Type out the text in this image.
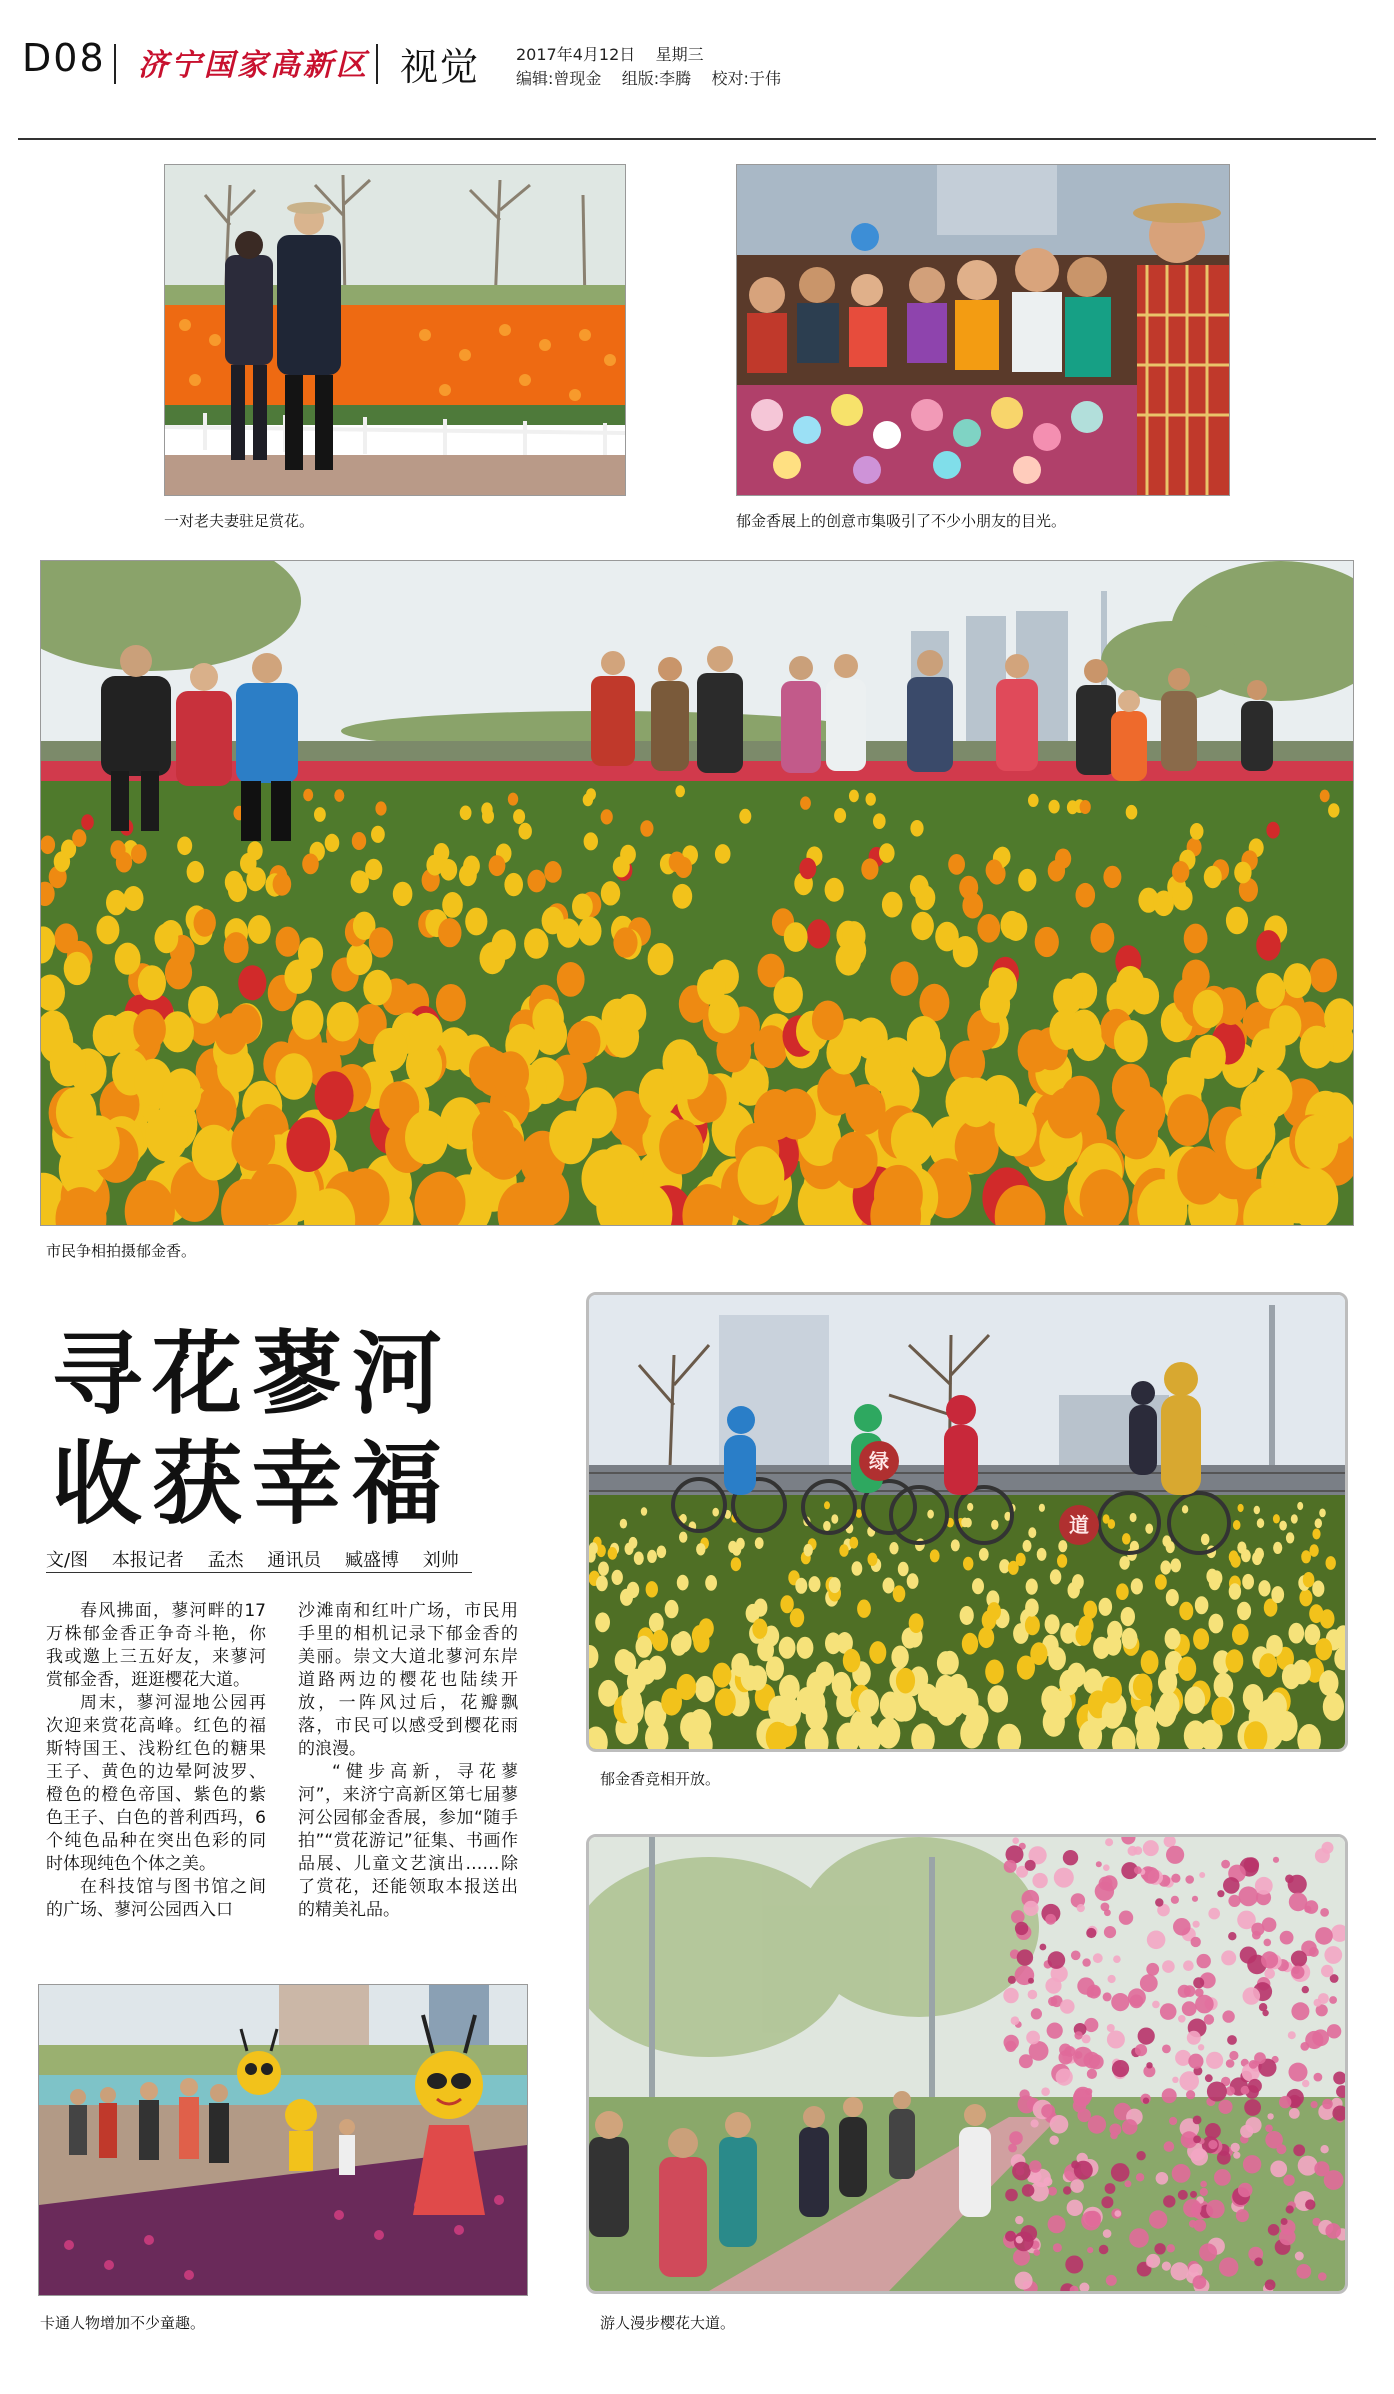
D08 济宁国家高新区 视觉 2017年4月12日 星期三
编辑:曾现金 组版:李腾 校对:于伟
一对老夫妻驻足赏花。	郁金香展上的创意市集吸引了不少小朋友的目光。
市民争相拍摄郁金香。
寻花蓼河
收获幸福
文/图 本报记者 孟杰 通讯员 臧盛博 刘帅

春风拂面，蓼河畔的17万株郁金香正争奇斗艳，你我或邀上三五好友，来蓼河赏郁金香，逛逛樱花大道。

周末，蓼河湿地公园再次迎来赏花高峰。红色的福斯特国王、浅粉红色的糖果王子、黄色的边晕阿波罗、橙色的橙色帝国、紫色的紫色王子、白色的普利西玛，6个纯色品种在突出色彩的同时体现纯色个体之美。

在科技馆与图书馆之间的广场、蓼河公园西入口

沙滩南和红叶广场，市民用手里的相机记录下郁金香的美丽。崇文大道北蓼河东岸道路两边的樱花也陆续开放，一阵风过后，花瓣飘落，市民可以感受到樱花雨的浪漫。

“健步高新，寻花蓼河”，来济宁高新区第七届蓼河公园郁金香展，参加“随手拍”“赏花游记”征集、书画作品展、儿童文艺演出……除了赏花，还能领取本报送出的精美礼品。

绿
道
郁金香竞相开放。
卡通人物增加不少童趣。	游人漫步樱花大道。
